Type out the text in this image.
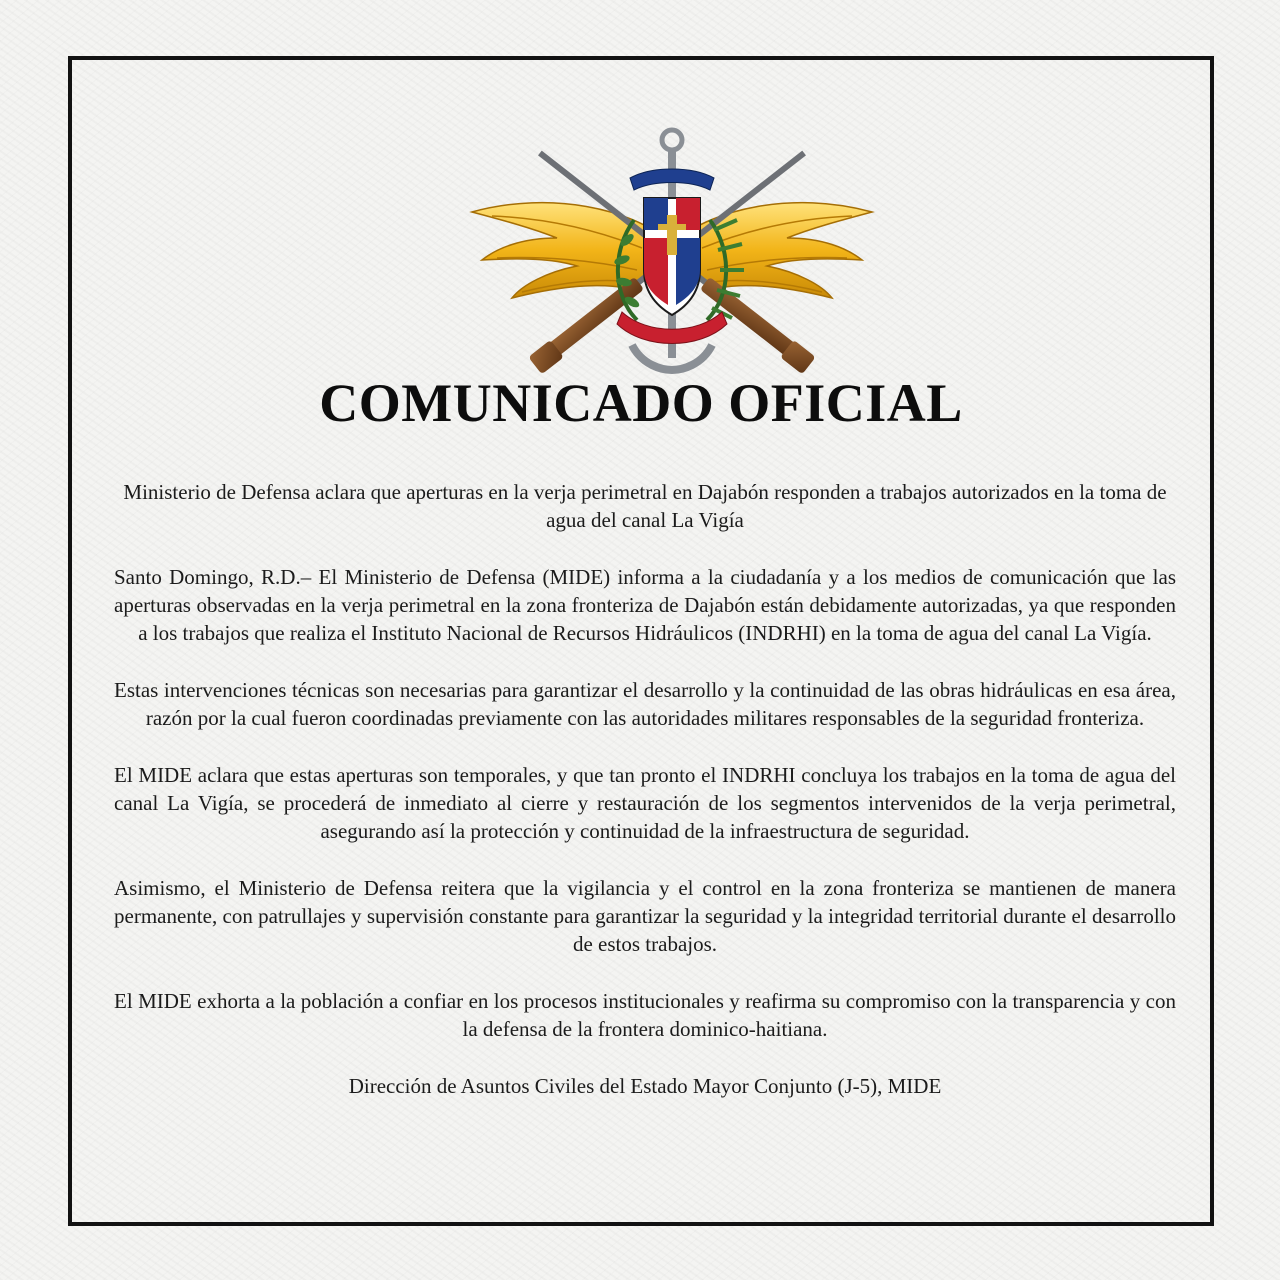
COMUNICADO OFICIAL

Ministerio de Defensa aclara que aperturas en la verja perimetral en Dajabón responden a trabajos autorizados en la toma de agua del canal La Vigía

Santo Domingo, R.D.– El Ministerio de Defensa (MIDE) informa a la ciudadanía y a los medios de comunicación que las aperturas observadas en la verja perimetral en la zona fronteriza de Dajabón están debidamente autorizadas, ya que responden a los trabajos que realiza el Instituto Nacional de Recursos Hidráulicos (INDRHI) en la toma de agua del canal La Vigía.

Estas intervenciones técnicas son necesarias para garantizar el desarrollo y la continuidad de las obras hidráulicas en esa área, razón por la cual fueron coordinadas previamente con las autoridades militares responsables de la seguridad fronteriza.

El MIDE aclara que estas aperturas son temporales, y que tan pronto el INDRHI concluya los trabajos en la toma de agua del canal La Vigía, se procederá de inmediato al cierre y restauración de los segmentos intervenidos de la verja perimetral, asegurando así la protección y continuidad de la infraestructura de seguridad.

Asimismo, el Ministerio de Defensa reitera que la vigilancia y el control en la zona fronteriza se mantienen de manera permanente, con patrullajes y supervisión constante para garantizar la seguridad y la integridad territorial durante el desarrollo de estos trabajos.

El MIDE exhorta a la población a confiar en los procesos institucionales y reafirma su compromiso con la transparencia y con la defensa de la frontera dominico-haitiana.

Dirección de Asuntos Civiles del Estado Mayor Conjunto (J-5), MIDE
